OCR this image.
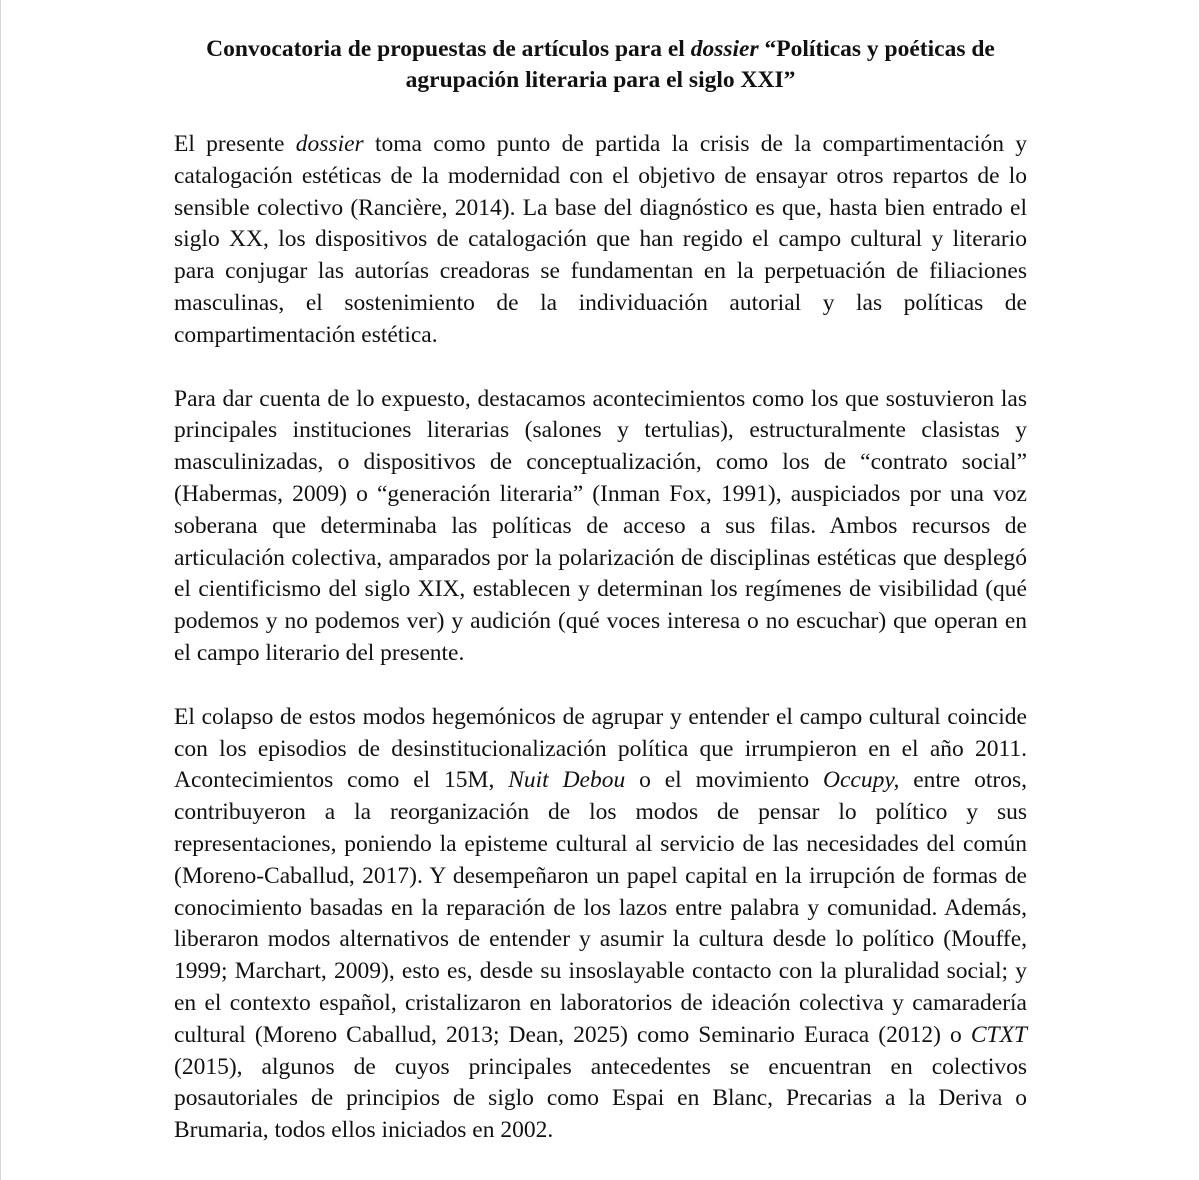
Convocatoria de propuestas de artículos para el dossier “Políticas y poéticas de
agrupación literaria para el siglo XXI”

El presente dossier toma como punto de partida la crisis de la compartimentación y catalogación estéticas de la modernidad con el objetivo de ensayar otros repartos de lo sensible colectivo (Rancière, 2014). La base del diagnóstico es que, hasta bien entrado el siglo XX, los dispositivos de catalogación que han regido el campo cultural y literario para conjugar las autorías creadoras se fundamentan en la perpetuación de filiaciones masculinas, el sostenimiento de la individuación autorial y las políticas de compartimentación estética.

Para dar cuenta de lo expuesto, destacamos acontecimientos como los que sostuvieron las principales instituciones literarias (salones y tertulias), estructuralmente clasistas y masculinizadas, o dispositivos de conceptualización, como los de “contrato social” (Habermas, 2009) o “generación literaria” (Inman Fox, 1991), auspiciados por una voz soberana que determinaba las políticas de acceso a sus filas. Ambos recursos de articulación colectiva, amparados por la polarización de disciplinas estéticas que desplegó el cientificismo del siglo XIX, establecen y determinan los regímenes de visibilidad (qué podemos y no podemos ver) y audición (qué voces interesa o no escuchar) que operan en el campo literario del presente.

El colapso de estos modos hegemónicos de agrupar y entender el campo cultural coincide con los episodios de desinstitucionalización política que irrumpieron en el año 2011. Acontecimientos como el 15M, Nuit Debou o el movimiento Occupy, entre otros, contribuyeron a la reorganización de los modos de pensar lo político y sus representaciones, poniendo la episteme cultural al servicio de las necesidades del común (Moreno-Caballud, 2017). Y desempeñaron un papel capital en la irrupción de formas de conocimiento basadas en la reparación de los lazos entre palabra y comunidad. Además, liberaron modos alternativos de entender y asumir la cultura desde lo político (Mouffe, 1999; Marchart, 2009), esto es, desde su insoslayable contacto con la pluralidad social; y en el contexto español, cristalizaron en laboratorios de ideación colectiva y camaradería cultural (Moreno Caballud, 2013; Dean, 2025) como Seminario Euraca (2012) o CTXT (2015), algunos de cuyos principales antecedentes se encuentran en colectivos posautoriales de principios de siglo como Espai en Blanc, Precarias a la Deriva o Brumaria, todos ellos iniciados en 2002.
